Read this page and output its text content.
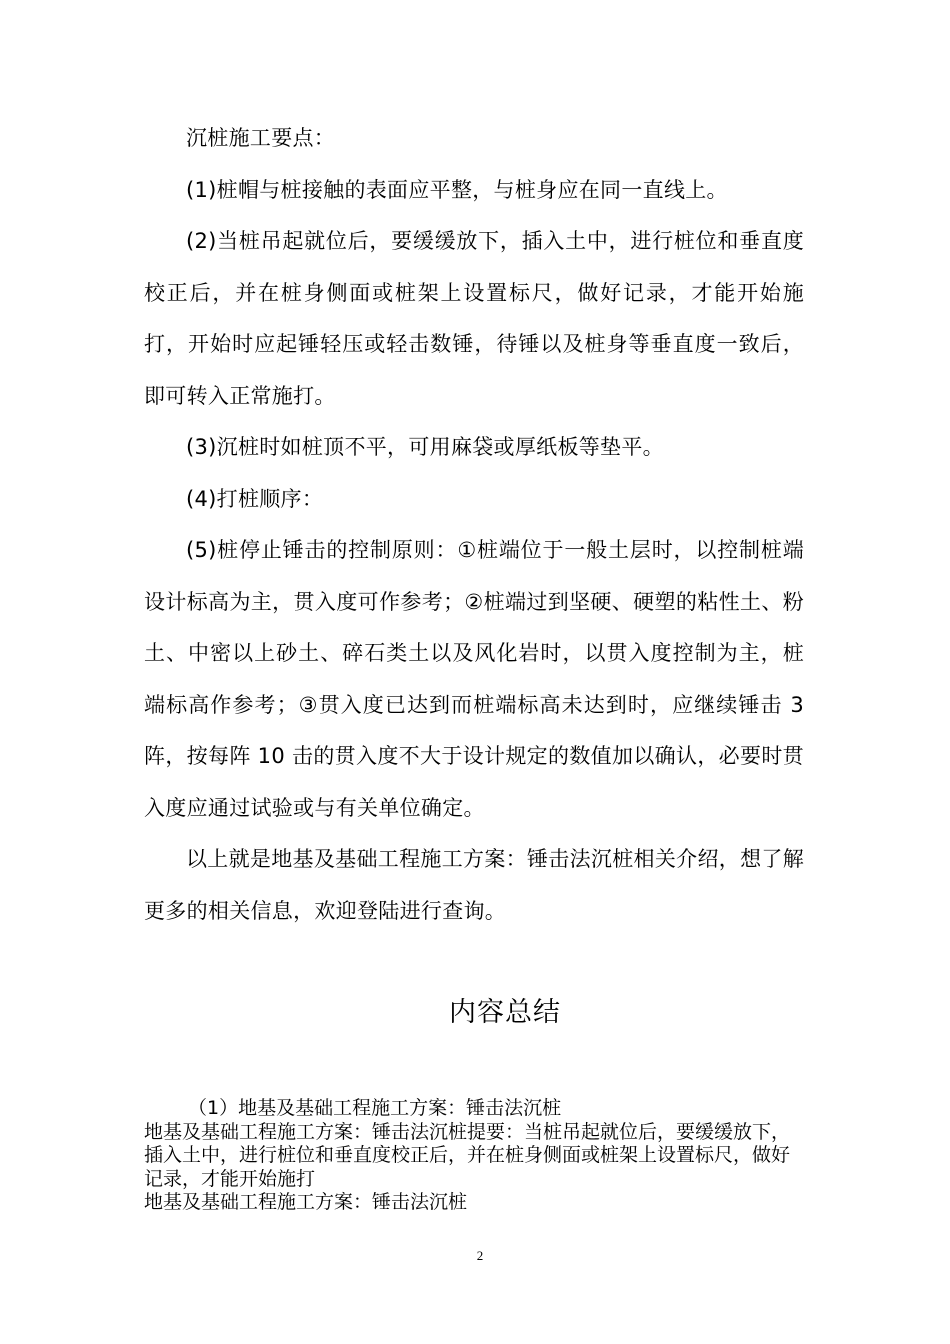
沉桩施工要点：

(1)桩帽与桩接触的表面应平整，与桩身应在同一直线上。

(2)当桩吊起就位后，要缓缓放下，插入土中，进行桩位和垂直度校正后，并在桩身侧面或桩架上设置标尺，做好记录，才能开始施打，开始时应起锤轻压或轻击数锤，待锤以及桩身等垂直度一致后，即可转入正常施打。

(3)沉桩时如桩顶不平，可用麻袋或厚纸板等垫平。

(4)打桩顺序：

(5)桩停止锤击的控制原则：①桩端位于一般土层时，以控制桩端设计标高为主，贯入度可作参考；②桩端过到坚硬、硬塑的粘性土、粉土、中密以上砂土、碎石类土以及风化岩时，以贯入度控制为主，桩端标高作参考；③贯入度已达到而桩端标高未达到时，应继续锤击 3 阵，按每阵 10 击的贯入度不大于设计规定的数值加以确认，必要时贯入度应通过试验或与有关单位确定。

以上就是地基及基础工程施工方案：锤击法沉桩相关介绍，想了解更多的相关信息，欢迎登陆进行查询。

内容总结

（1）地基及基础工程施工方案：锤击法沉桩

地基及基础工程施工方案：锤击法沉桩提要：当桩吊起就位后，要缓缓放下，插入土中，进行桩位和垂直度校正后，并在桩身侧面或桩架上设置标尺，做好记录，才能开始施打

地基及基础工程施工方案：锤击法沉桩

2
